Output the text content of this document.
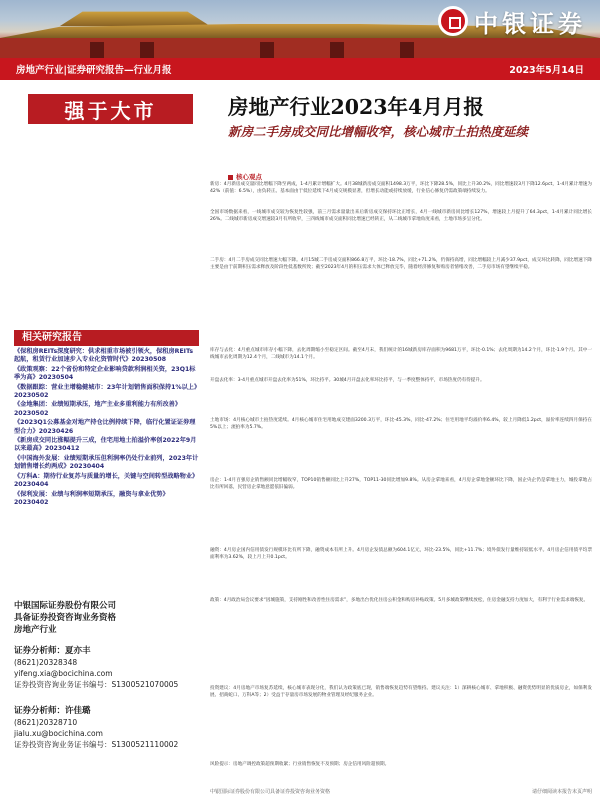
中银证券
房地产行业|证券研究报告—行业月报	2023年5月14日
强于大市	房地产行业2023年4月月报
新房二手房成交同比增幅收窄，核心城市土拍热度延续
核心观点
新房：4月新房成交量同比增幅下降至两成，1-4月累计增幅扩大。4月38城新房成交面积1498.3万平，环比下降28.5%，同比上升30.2%，同比增速较3月下降12.6pct，1-4月累计增速为42%（前值：6.5%），由负转正。基本面由于低位延续下4月成交规模显著，但增长动能或持续放缓，行业信心修复仍需政策端持续发力。
全国市场数据来看，一线城市成交较为恢复性较强，前三月需求量量出来后新房成交保持环比正增长，4月一线城市新房同比增长127%，增速较上月提升了64.3pct，1-4月累计同比增长26%。二线城市新房成交增速较3月有所收窄，三四线城市成交面积同比增速已经转正，从二线城市拿地角度来看，土地市场多呈分化。
二手房：4月二手房成交同比增速大幅下降。4月15城二手房成交面积866.8万平，环比-18.7%，同比+71.2%，仍保持高增，同比增幅较上月减少37.9pct，成交环比转降，同比增速下降主要是由于前期积压需求释放及阶段性低基数所致；截至2023年4月的积压需求大体已释放完毕，随着经济修复和购房者情绪改善，二手房市场有望继续平稳。
库存与去化：4月重点城市库存小幅下降，去化周期缩小至稳定区间。截至4月末，我们统计的16城新房库存面积为9681万平，环比-0.1%；去化周期为14.2个月，环比-1.9个月。其中一线城市去化周期为12.4个月，二线城市为14.1个月。
开盘去化率：3-4月重点城市开盘去化率为51%，环比持平。30城4月开盘去化率环比持平，与一季度整体持平，市场热度仍有待提升。
土地市场：4月核心城市土拍热度延续。4月核心城市住宅用地成交建面3200.3万平，环比-45.3%，同比-47.2%；住宅用地平均溢价率6.4%，较上月降低1.2pct，溢价率连续四月保持在5%以上；流拍率为5.7%。
房企：1-4月百强房企销售额同比增幅收窄，TOP10销售额同比上升27%，TOP11-30同比增加9.8%。从房企拿地来看，4月房企拿地金额环比下降，国企央企仍是拿地主力，城投拿地占比有所回落，民营房企拿地意愿依旧偏弱。
融资：4月房企国内信用债发行规模环比有所下降，融资成本有所上升。4月房企发债总额为604.1亿元，环比-23.5%，同比+11.7%；境外债发行量维持较低水平。4月房企信用债平均票面利率为3.62%，较上月上升0.1pct。
政策：4月政治局会议要求“因城施策，支持刚性和改善性住房需求”，多地出台优化住房公积金和购房补贴政策。5月多城政策继续放松，住房金融支持力度加大，有利于行业需求端恢复。
投资建议：4月房地产市场复苏延续，核心城市表现分化，我们认为政策底已现，销售端恢复趋势有望维持。建议关注：1）深耕核心城市、拿地积极、融资优势明显的优质房企，如保利发展、招商蛇口、万科A等；2）受益于存量房市场发展的物业管理及经纪服务企业。
风险提示：房地产调控政策超预期收紧；行业销售恢复不及预期；房企信用风险超预期。
相关研究报告
《保租房REITs深度研究：供求相重市场被引领火，保租房REITs起航，租赁行业加速步入专业化资管时代》20230508
《政策观察：22个省份和特定企业影响贷款利润相关资，23Q1标季为高》20230504
《数据跟踪：营业主增稳健城市：23年计划销售面积保持1%以上》20230502
《金地集团：业绩短期承压，地产主业多重利能力有所改善》20230502
《2023Q1公募基金对地产持仓比例持续下降，临行化置证证券理型合力》20230426
《新房成交同比涨幅提升三成，住宅用地土拍溢价率创2022年9月以来最高》20230412
《中国海外发展：业绩短期承压但利润率仍处行业前列，2023年计划销售增长约两成》20230404
《万科A：期待行业复苏与质量的增长，关键与空间转型战略物业》20230404
《保利发展：业绩与利润率短期承压，融资与拿业优势》20230402
中银国际证券股份有限公司
具备证券投资咨询业务资格
房地产行业
证券分析师：夏亦丰
(8621)20328348
yifeng.xia@bocichina.com
证券投资咨询业务证书编号：S1300521070005
证券分析师：许佳璐
(8621)20328710
jialu.xu@bocichina.com
证券投资咨询业务证书编号：S1300521110002
中银国际证券股份有限公司具备证券投资咨询业务资格	请仔细阅读本报告末页声明
